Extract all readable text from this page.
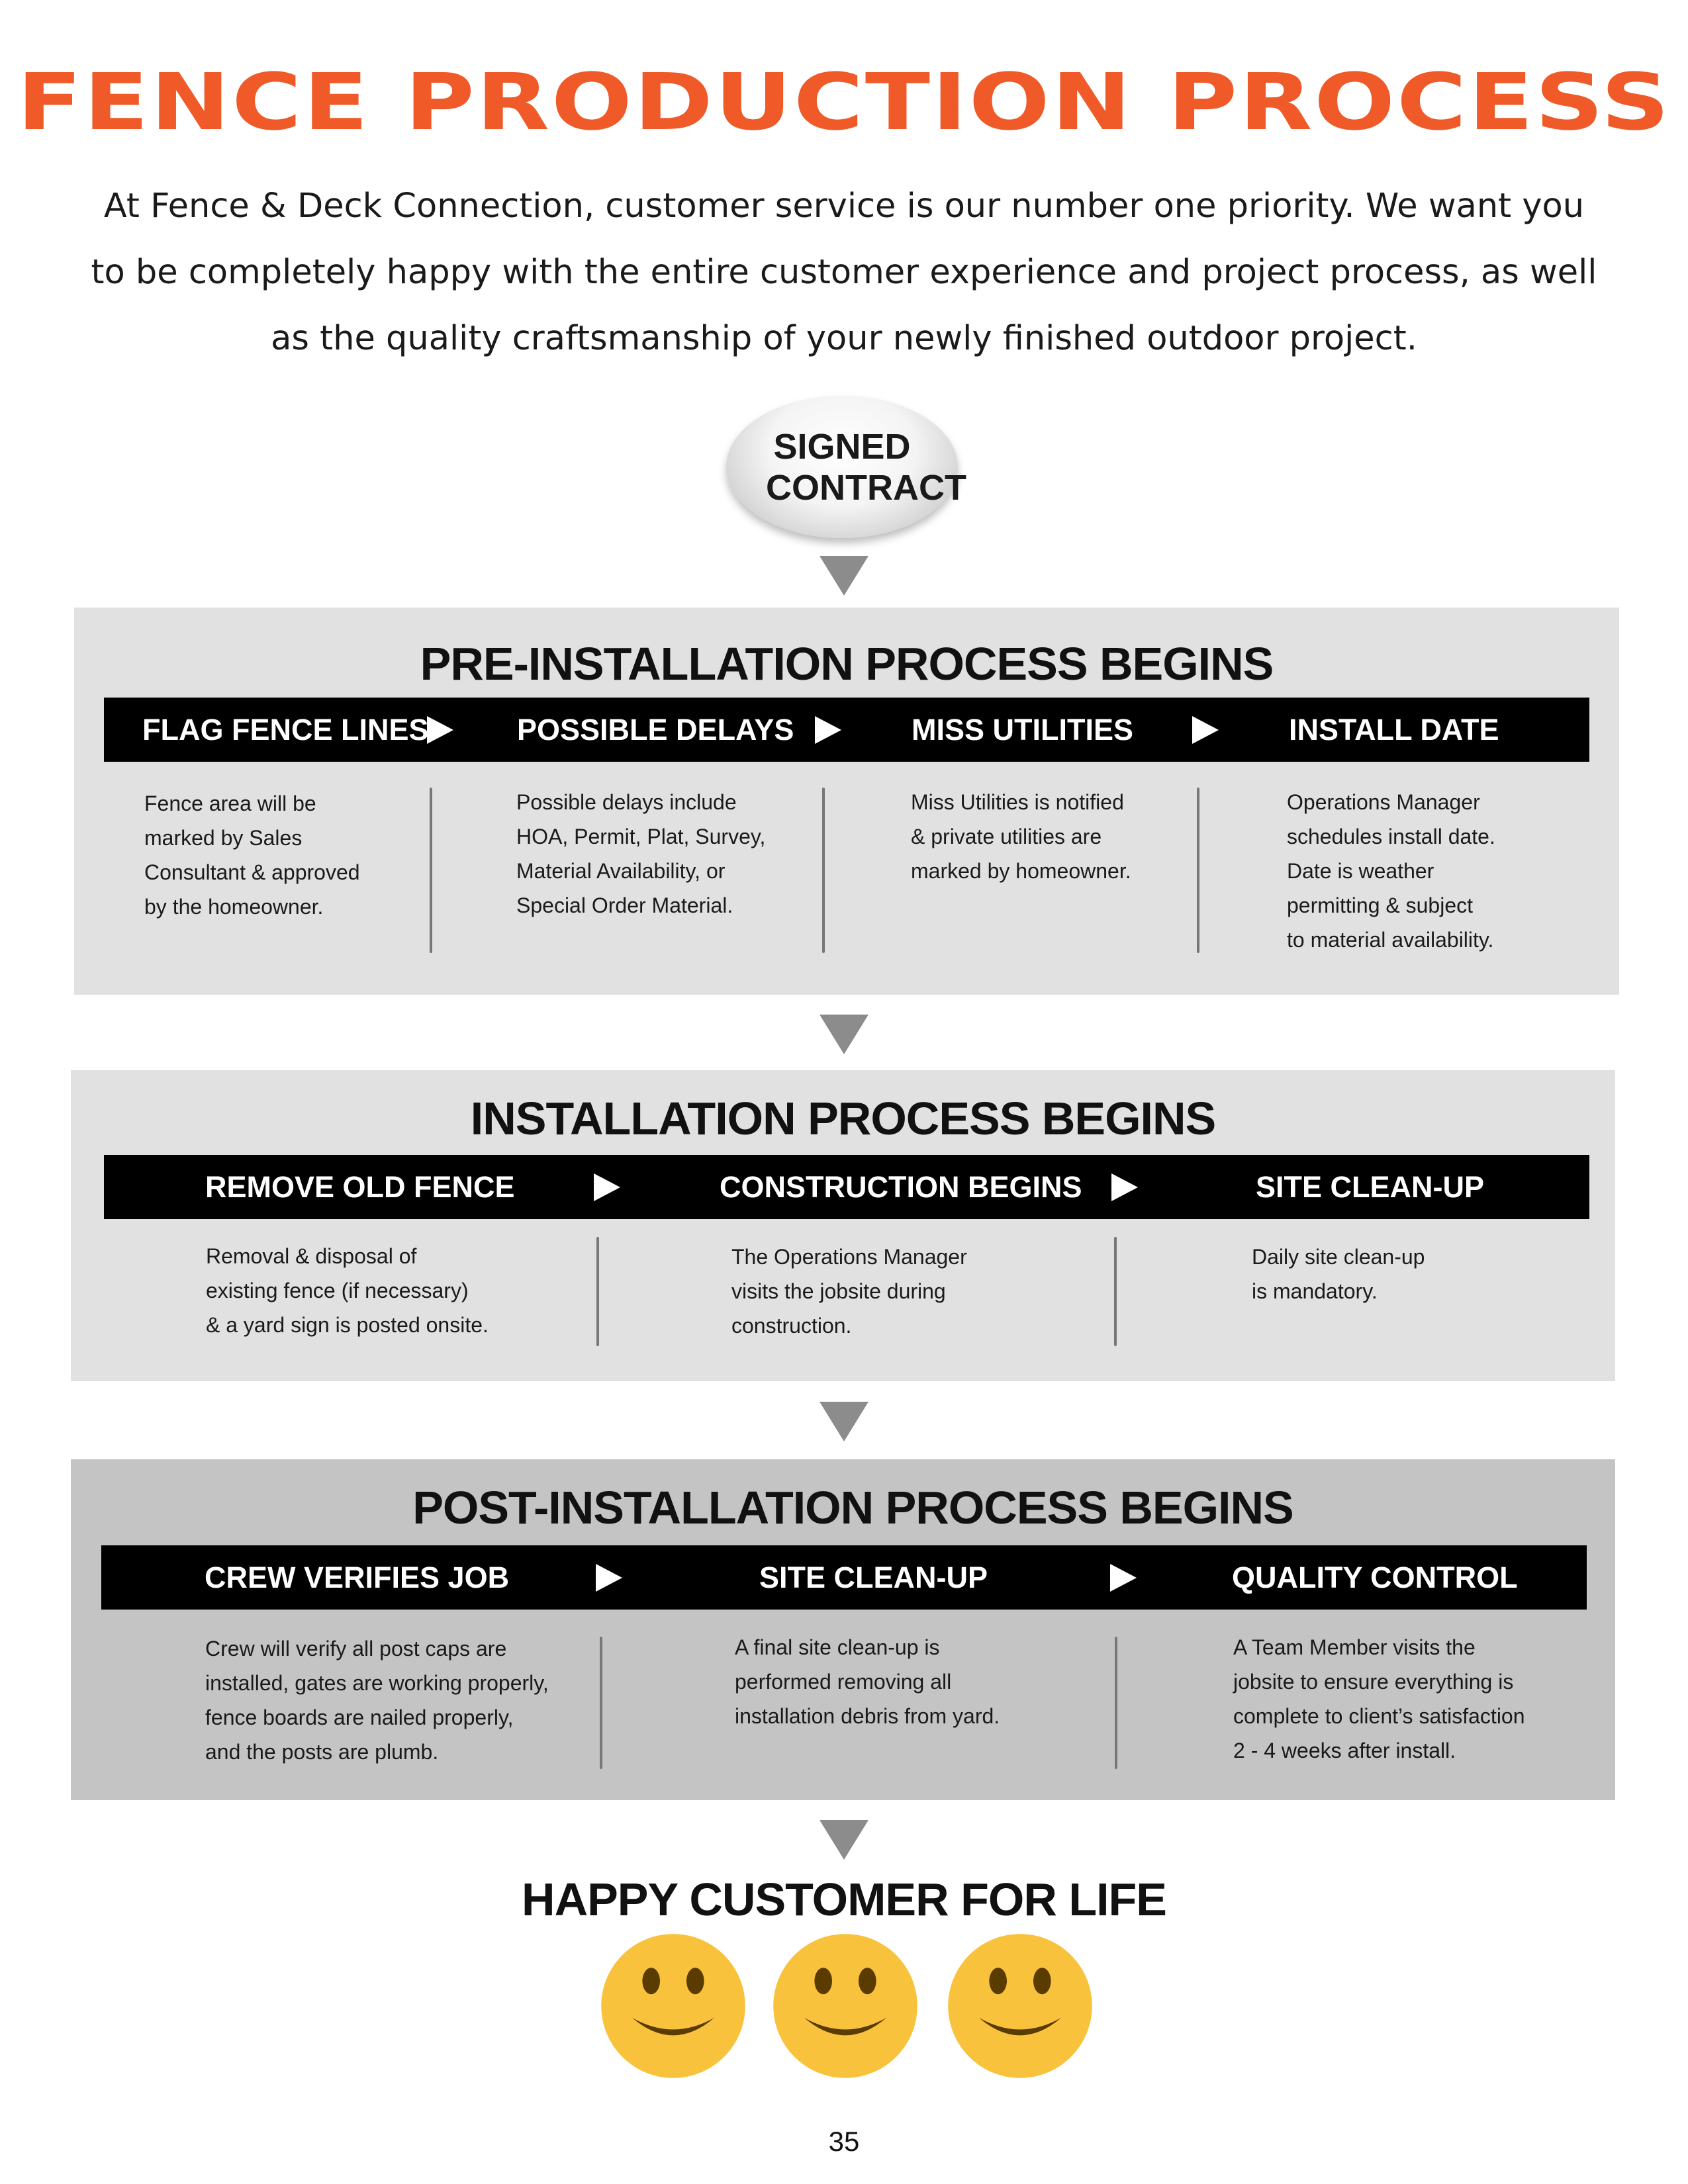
FENCE PRODUCTION PROCESS
At Fence & Deck Connection, customer service is our number one priority. We want you to be completely happy with the entire customer experience and project process, as well as the quality craftsmanship of your newly finished outdoor project.
SIGNED CONTRACT
PRE-INSTALLATION PROCESS BEGINS
FLAG FENCE LINES	POSSIBLE DELAYS	MISS UTILITIES	INSTALL DATE
Fence area will be
marked by Sales
Consultant & approved
by the homeowner.
Possible delays include
HOA, Permit, Plat, Survey,
Material Availability, or
Special Order Material.
Miss Utilities is notified
& private utilities are
marked by homeowner.
Operations Manager
schedules install date.
Date is weather
permitting & subject
to material availability.
INSTALLATION PROCESS BEGINS
REMOVE OLD FENCE	CONSTRUCTION BEGINS	SITE CLEAN-UP
Removal & disposal of
existing fence (if necessary)
& a yard sign is posted onsite.
The Operations Manager
visits the jobsite during
construction.
Daily site clean-up
is mandatory.
POST-INSTALLATION PROCESS BEGINS
CREW VERIFIES JOB	SITE CLEAN-UP	QUALITY CONTROL
Crew will verify all post caps are
installed, gates are working properly,
fence boards are nailed properly,
and the posts are plumb.
A final site clean-up is
performed removing all
installation debris from yard.
A Team Member visits the
jobsite to ensure everything is
complete to client’s satisfaction
2 - 4 weeks after install.
HAPPY CUSTOMER FOR LIFE
35
